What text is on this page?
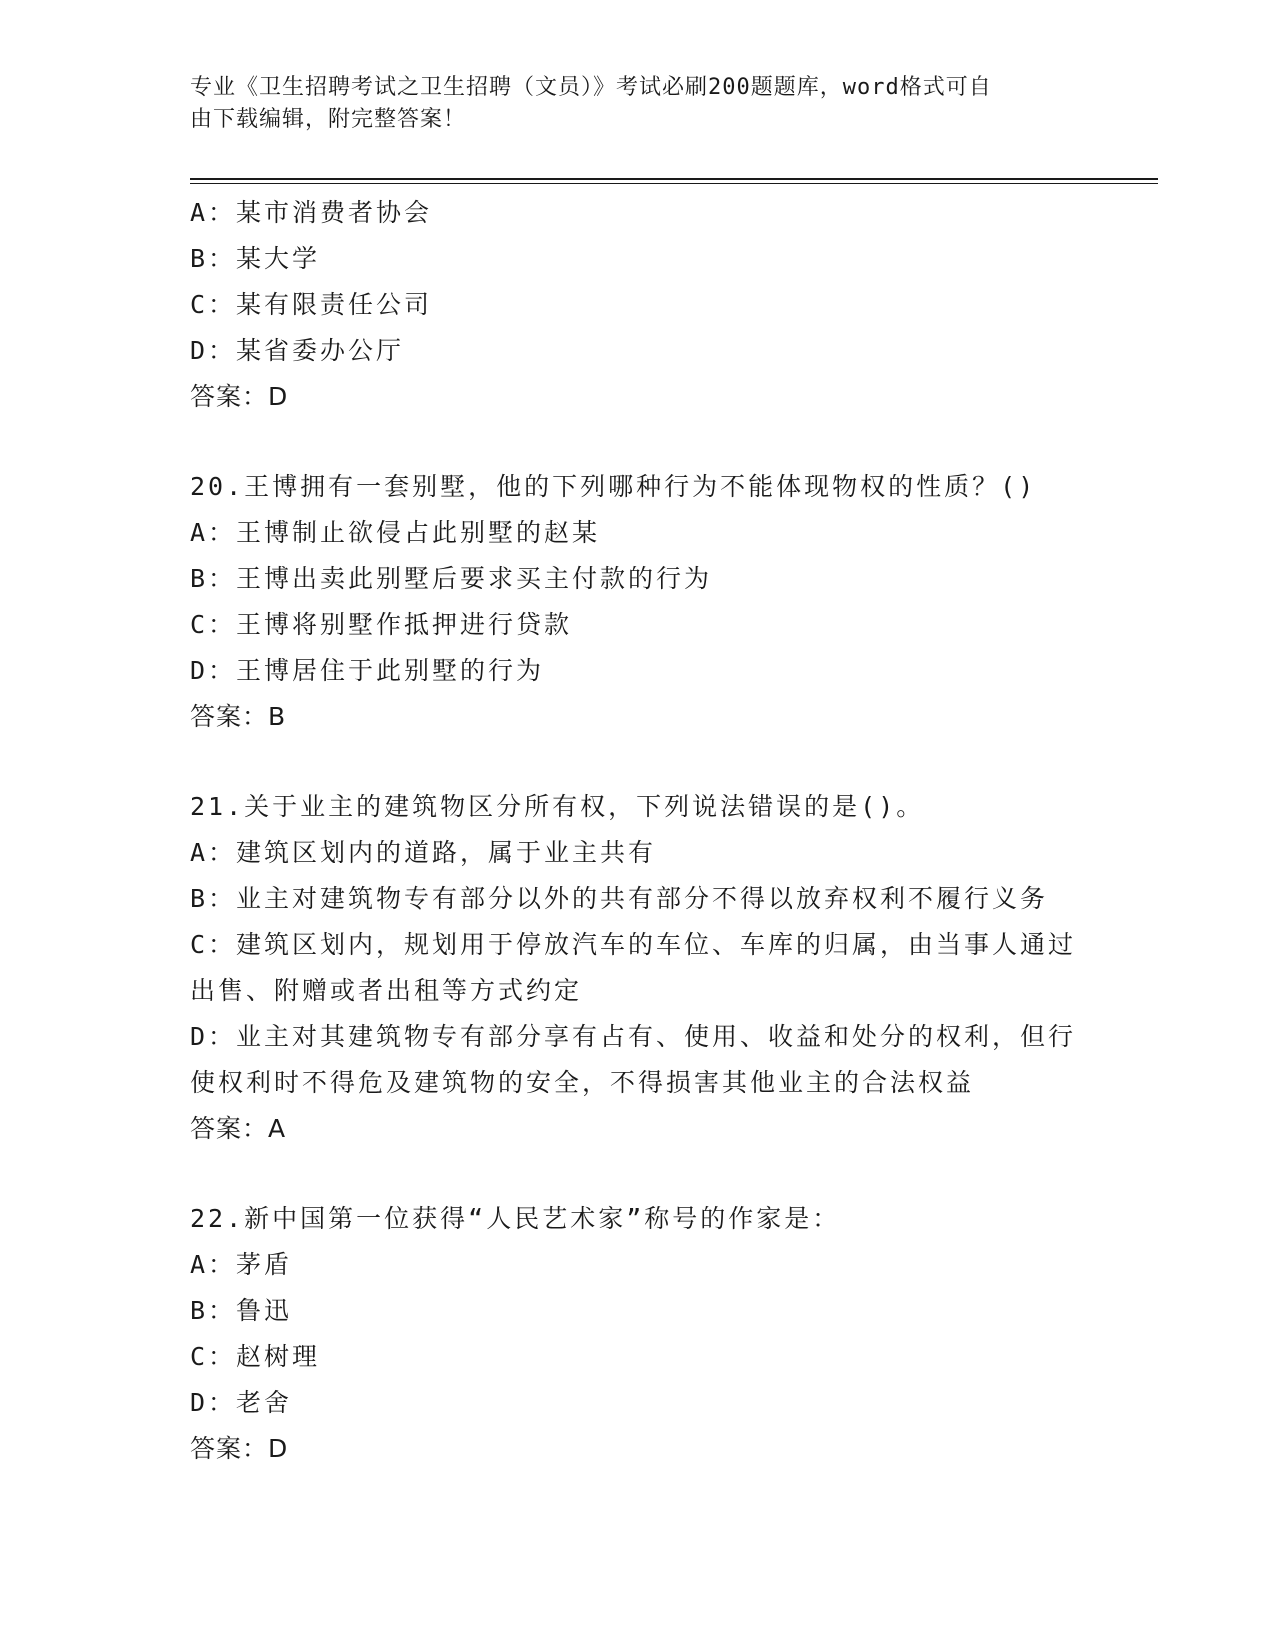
专业《卫生招聘考试之卫生招聘（文员）》考试必刷200题题库，word格式可自
由下载编辑，附完整答案！
A：某市消费者协会
B：某大学
C：某有限责任公司
D：某省委办公厅
答案：D
20.王博拥有一套别墅，他的下列哪种行为不能体现物权的性质？()
A：王博制止欲侵占此别墅的赵某
B：王博出卖此别墅后要求买主付款的行为
C：王博将别墅作抵押进行贷款
D：王博居住于此别墅的行为
答案：B
21.关于业主的建筑物区分所有权，下列说法错误的是()。
A：建筑区划内的道路，属于业主共有
B：业主对建筑物专有部分以外的共有部分不得以放弃权利不履行义务
C：建筑区划内，规划用于停放汽车的车位、车库的归属，由当事人通过出售、附赠或者出租等方式约定
D：业主对其建筑物专有部分享有占有、使用、收益和处分的权利，但行使权利时不得危及建筑物的安全，不得损害其他业主的合法权益
答案：A
22.新中国第一位获得“人民艺术家”称号的作家是：
A：茅盾
B：鲁迅
C：赵树理
D：老舍
答案：D
